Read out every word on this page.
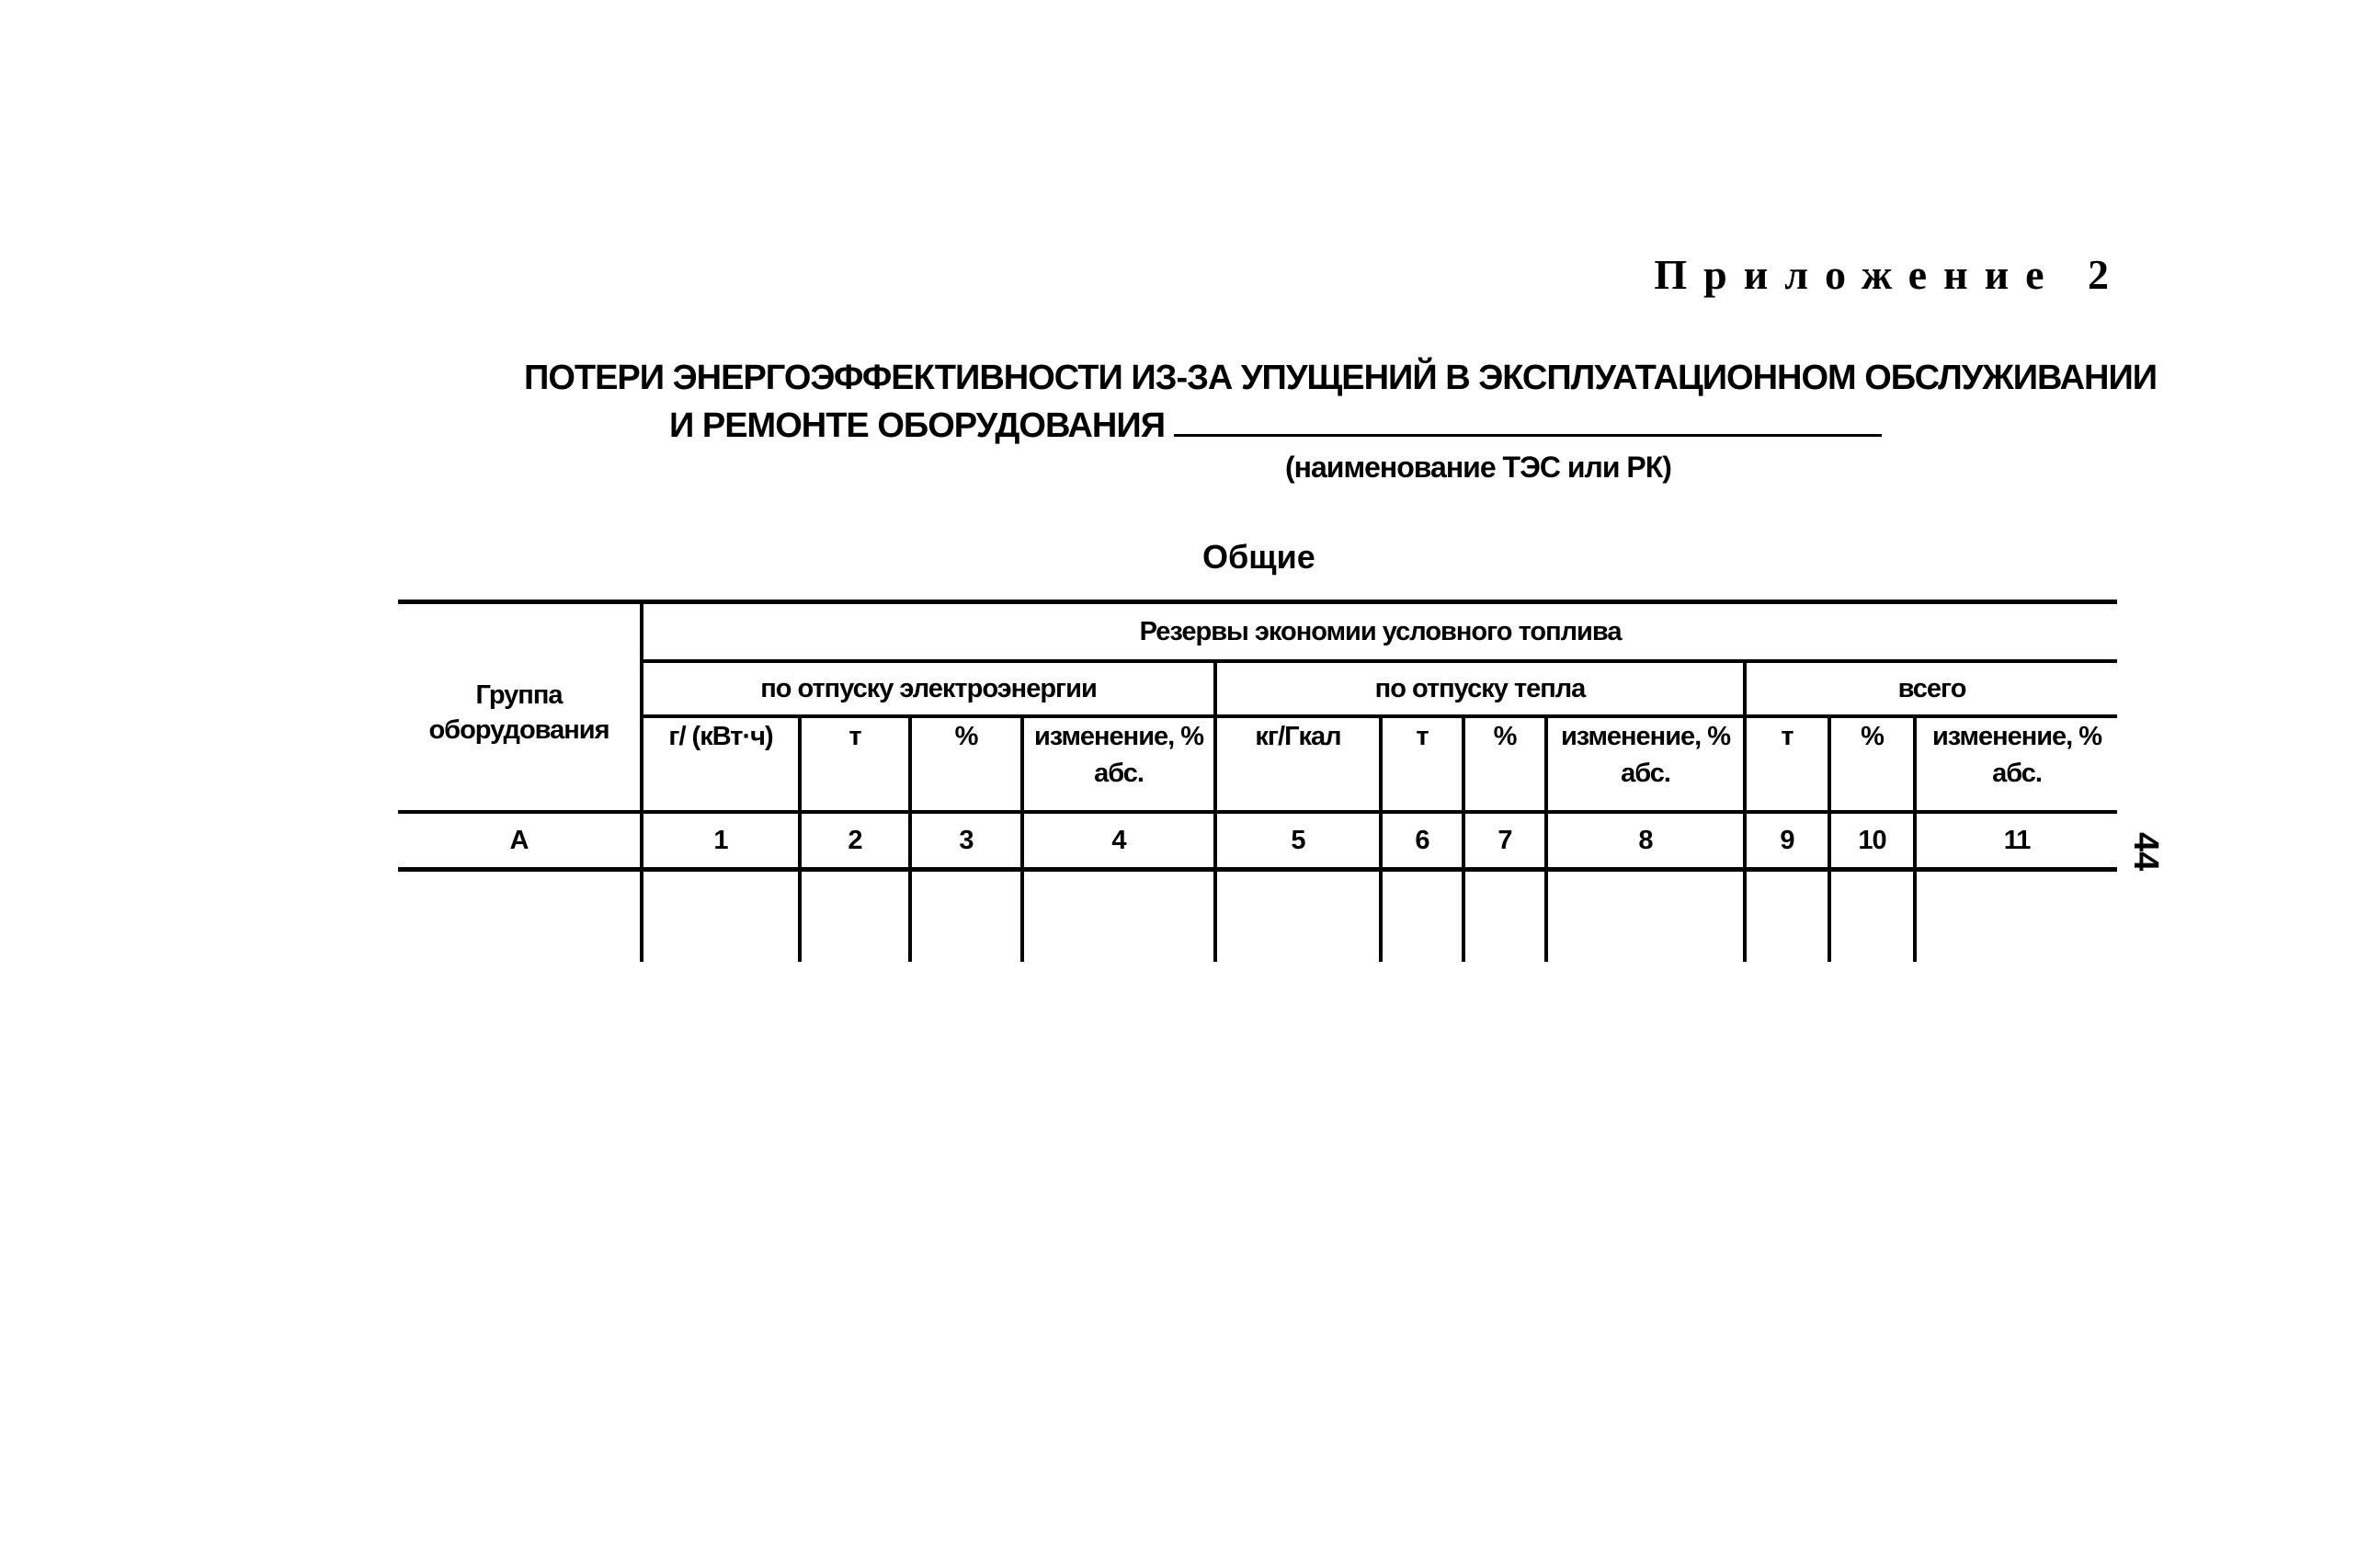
Приложение 2
ПОТЕРИ ЭНЕРГОЭФФЕКТИВНОСТИ ИЗ-ЗА УПУЩЕНИЙ В ЭКСПЛУАТАЦИОННОМ ОБСЛУЖИВАНИИ
И РЕМОНТЕ ОБОРУДОВАНИЯ
(наименование ТЭС или РК)
Общие
Группа оборудования	Резервы экономии условного топлива										
	по отпуску электроэнергии				по отпуску тепла				всего		
	г/ (кВт·ч)	т	%	изменение, % абс.	кг/Гкал	т	%	изменение, % абс.	т	%	изменение, % абс.
А	1	2	3	4	5	6	7	8	9	10	11
												44
